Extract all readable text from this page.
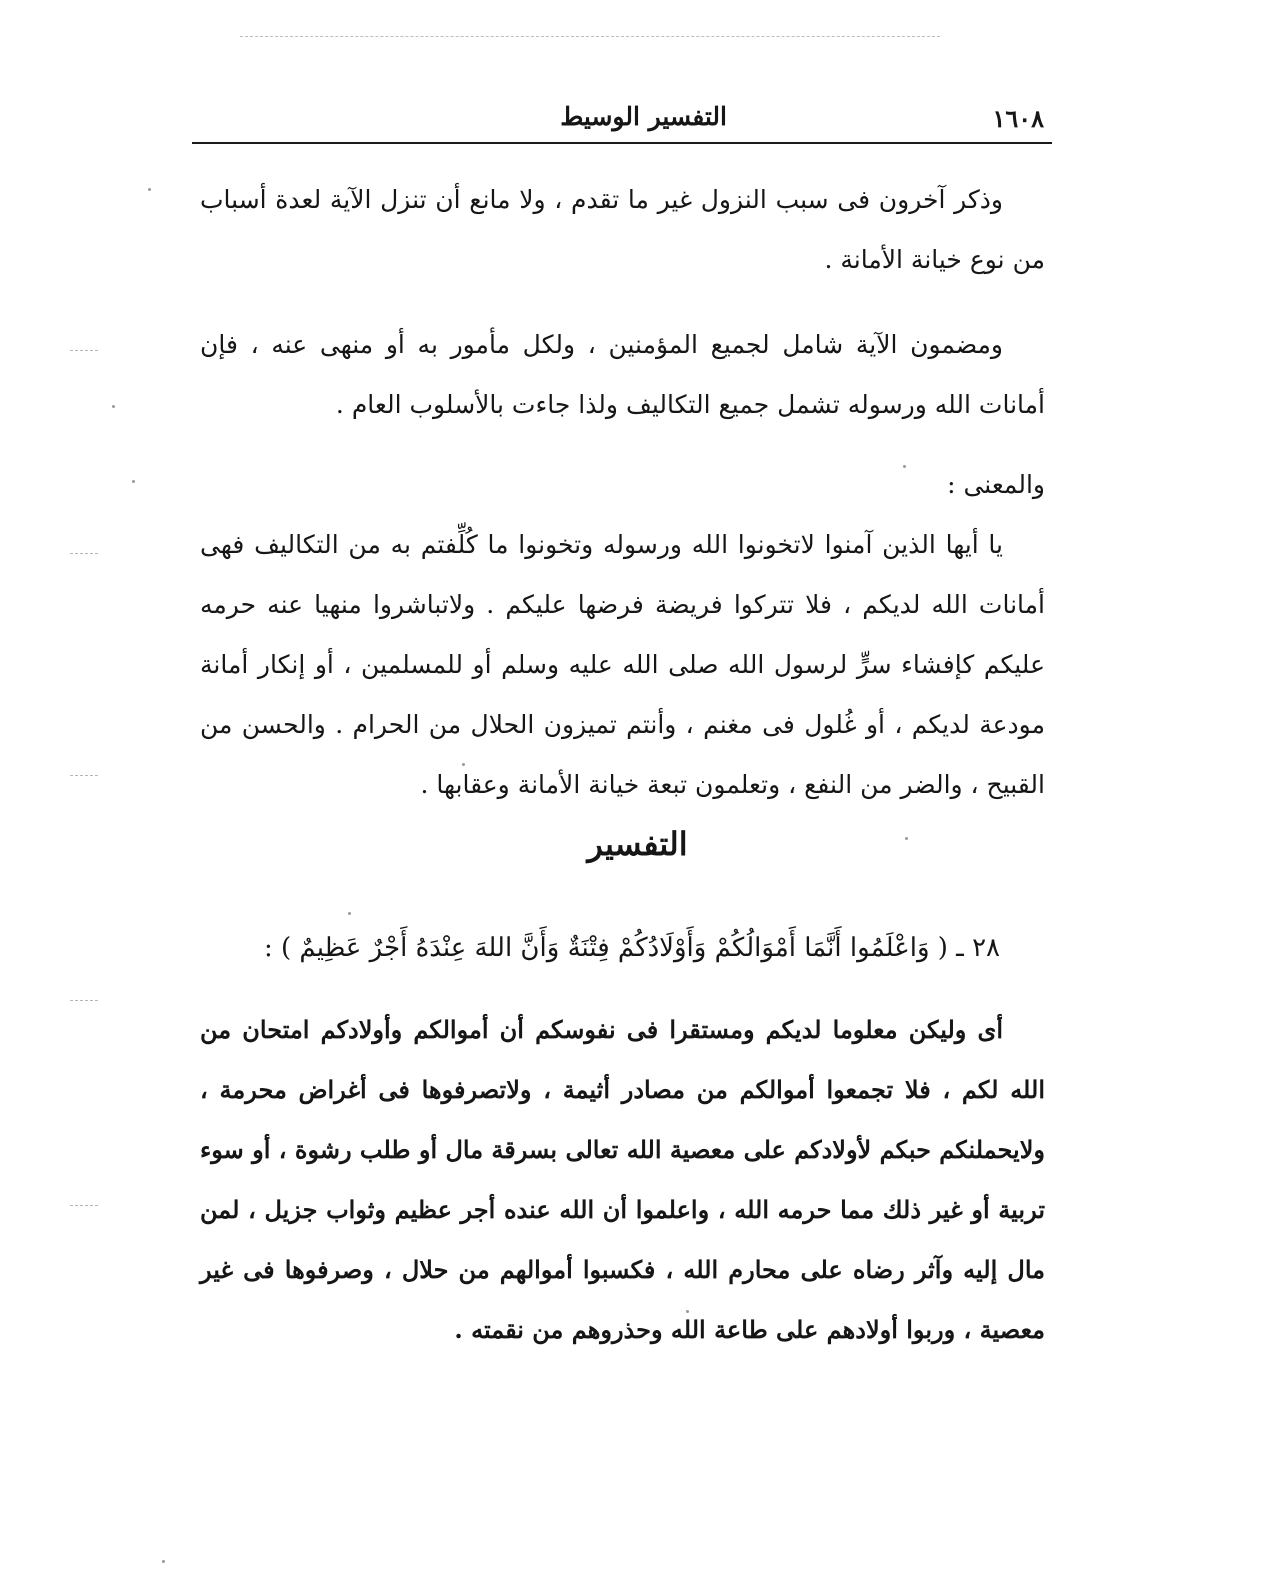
١٦٠٨
التفسير الوسيط

وذكر آخرون فى سبب النزول غير ما تقدم ، ولا مانع أن تنزل الآية لعدة أسباب من نوع خيانة الأمانة .

ومضمون الآية شامل لجميع المؤمنين ، ولكل مأمور به أو منهى عنه ، فإن أمانات الله ورسوله تشمل جميع التكاليف ولذا جاءت بالأسلوب العام .

والمعنى :

يا أيها الذين آمنوا لاتخونوا الله ورسوله وتخونوا ما كُلِّفتم به من التكاليف فهى أمانات الله لديكم ، فلا تتركوا فريضة فرضها عليكم . ولاتباشروا منهيا عنه حرمه عليكم كإفشاء سرٍّ لرسول الله صلى الله عليه وسلم أو للمسلمين ، أو إنكار أمانة مودعة لديكم ، أو غُلول فى مغنم ، وأنتم تميزون الحلال من الحرام . والحسن من القبيح ، والضر من النفع ، وتعلمون تبعة خيانة الأمانة وعقابها .

التفسير

٢٨ ـ ( وَاعْلَمُوا أَنَّمَا أَمْوَالُكُمْ وَأَوْلَادُكُمْ فِتْنَةٌ وَأَنَّ اللهَ عِنْدَهُ أَجْرٌ عَظِيمٌ ) :

أى وليكن معلوما لديكم ومستقرا فى نفوسكم أن أموالكم وأولادكم امتحان من الله لكم ، فلا تجمعوا أموالكم من مصادر أثيمة ، ولاتصرفوها فى أغراض محرمة ، ولايحملنكم حبكم لأولادكم على معصية الله تعالى بسرقة مال أو طلب رشوة ، أو سوء تربية أو غير ذلك مما حرمه الله ، واعلموا أن الله عنده أجر عظيم وثواب جزيل ، لمن مال إليه وآثر رضاه على محارم الله ، فكسبوا أموالهم من حلال ، وصرفوها فى غير معصية ، وربوا أولادهم على طاعة الله وحذروهم من نقمته .
